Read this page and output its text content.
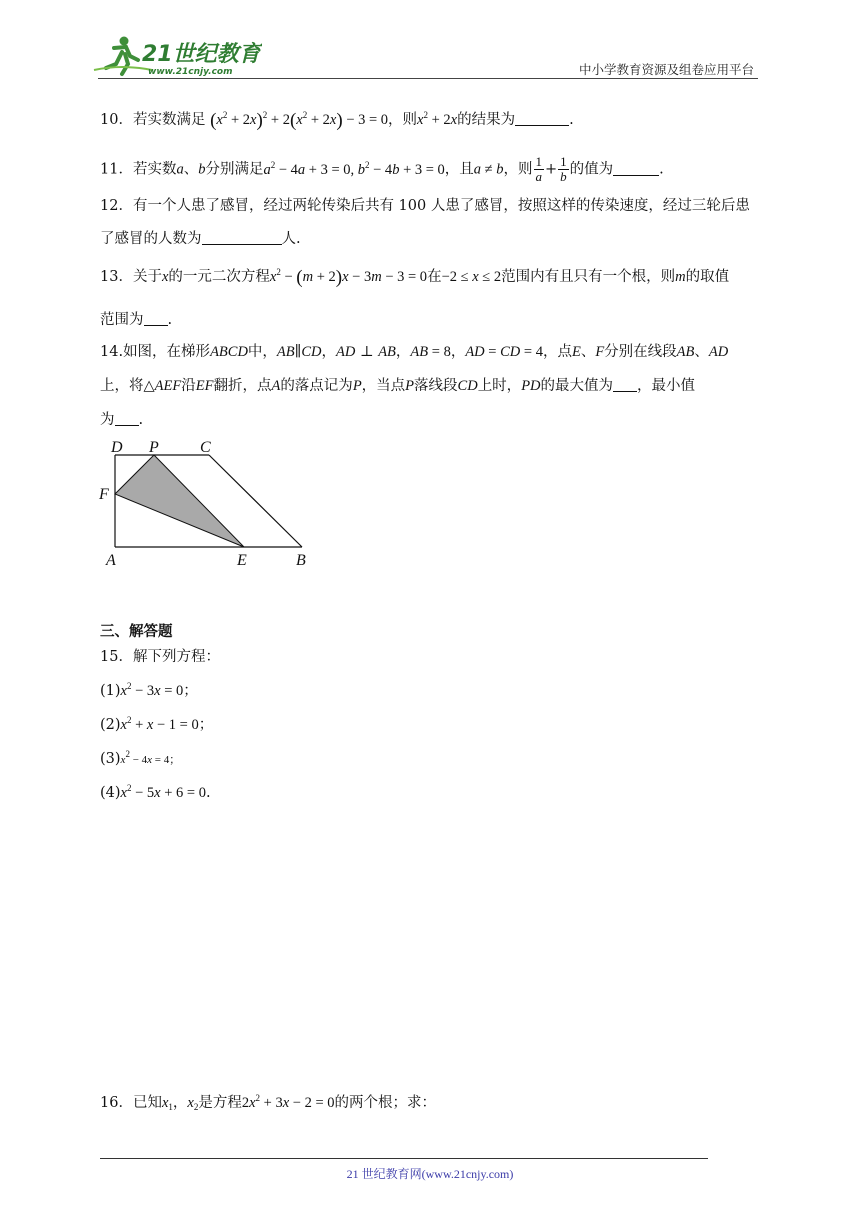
21世纪教育
www.21cnjy.com	中小学教育资源及组卷应用平台
10．若实数满足 $(x^2 + 2x)^2 + 2(x^2 + 2x) - 3 = 0$，则$x^2 + 2x$的结果为	.
11．若实数a、b分别满足$a^2 - 4a + 3 = 0$, $b^2 - 4b + 3 = 0$，且a ≠ b，则 $\frac{1}{a} + \frac{1}{b}$ 的值为	.
12．有一个人患了感冒，经过两轮传染后共有 100 人患了感冒，按照这样的传染速度，经过三轮后患
了感冒的人数为	人.
13．关于x的一元二次方程$x^2 - (m + 2)x - 3m - 3 = 0$在−2 ≤ x ≤ 2范围内有且只有一个根，则m的取值
范围为 .
14.如图，在梯形ABCD中，AB∥CD，AD ⊥ AB，AB = 8，AD = CD = 4，点E、F分别在线段AB、AD
上，将△AEF沿EF翻折，点A的落点记为P，当点P落线段CD上时，PD的最大值为 ，最小值
为 .
D P	C
F
A	E	B
三、解答题
15．解下列方程：
$(1)x^2 - 3x = 0$；
$(2)x^2 + x - 1 = 0$；
$(3)x^2 - 4x = 4$；
$(4)x^2 - 5x + 6 = 0$.
16．已知$x_1$，$x_2$是方程$2x^2 + 3x - 2 = 0$的两个根；求：
21 世纪教育网(www.21cnjy.com)
